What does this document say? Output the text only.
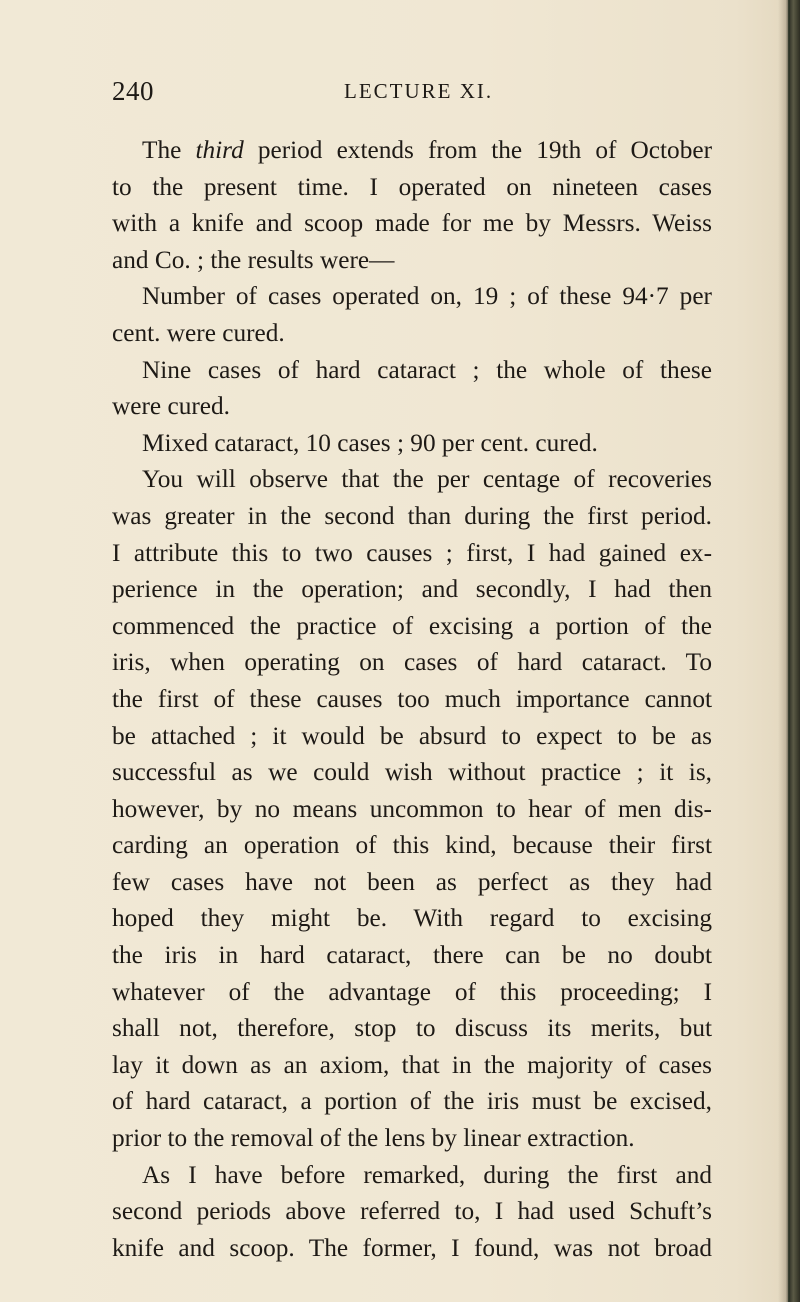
240	LECTURE XI.
The third period extends from the 19th of October
to the present time. I operated on nineteen cases
with a knife and scoop made for me by Messrs. Weiss
and Co. ; the results were—
Number of cases operated on, 19 ; of these 94·7 per
cent. were cured.
Nine cases of hard cataract ; the whole of these
were cured.
Mixed cataract, 10 cases ; 90 per cent. cured.
You will observe that the per centage of recoveries
was greater in the second than during the first period.
I attribute this to two causes ; first, I had gained ex-
perience in the operation; and secondly, I had then
commenced the practice of excising a portion of the
iris, when operating on cases of hard cataract. To
the first of these causes too much importance cannot
be attached ; it would be absurd to expect to be as
successful as we could wish without practice ; it is,
however, by no means uncommon to hear of men dis-
carding an operation of this kind, because their first
few cases have not been as perfect as they had
hoped they might be. With regard to excising
the iris in hard cataract, there can be no doubt
whatever of the advantage of this proceeding; I
shall not, therefore, stop to discuss its merits, but
lay it down as an axiom, that in the majority of cases
of hard cataract, a portion of the iris must be excised,
prior to the removal of the lens by linear extraction.
As I have before remarked, during the first and
second periods above referred to, I had used Schuft’s
knife and scoop. The former, I found, was not broad
